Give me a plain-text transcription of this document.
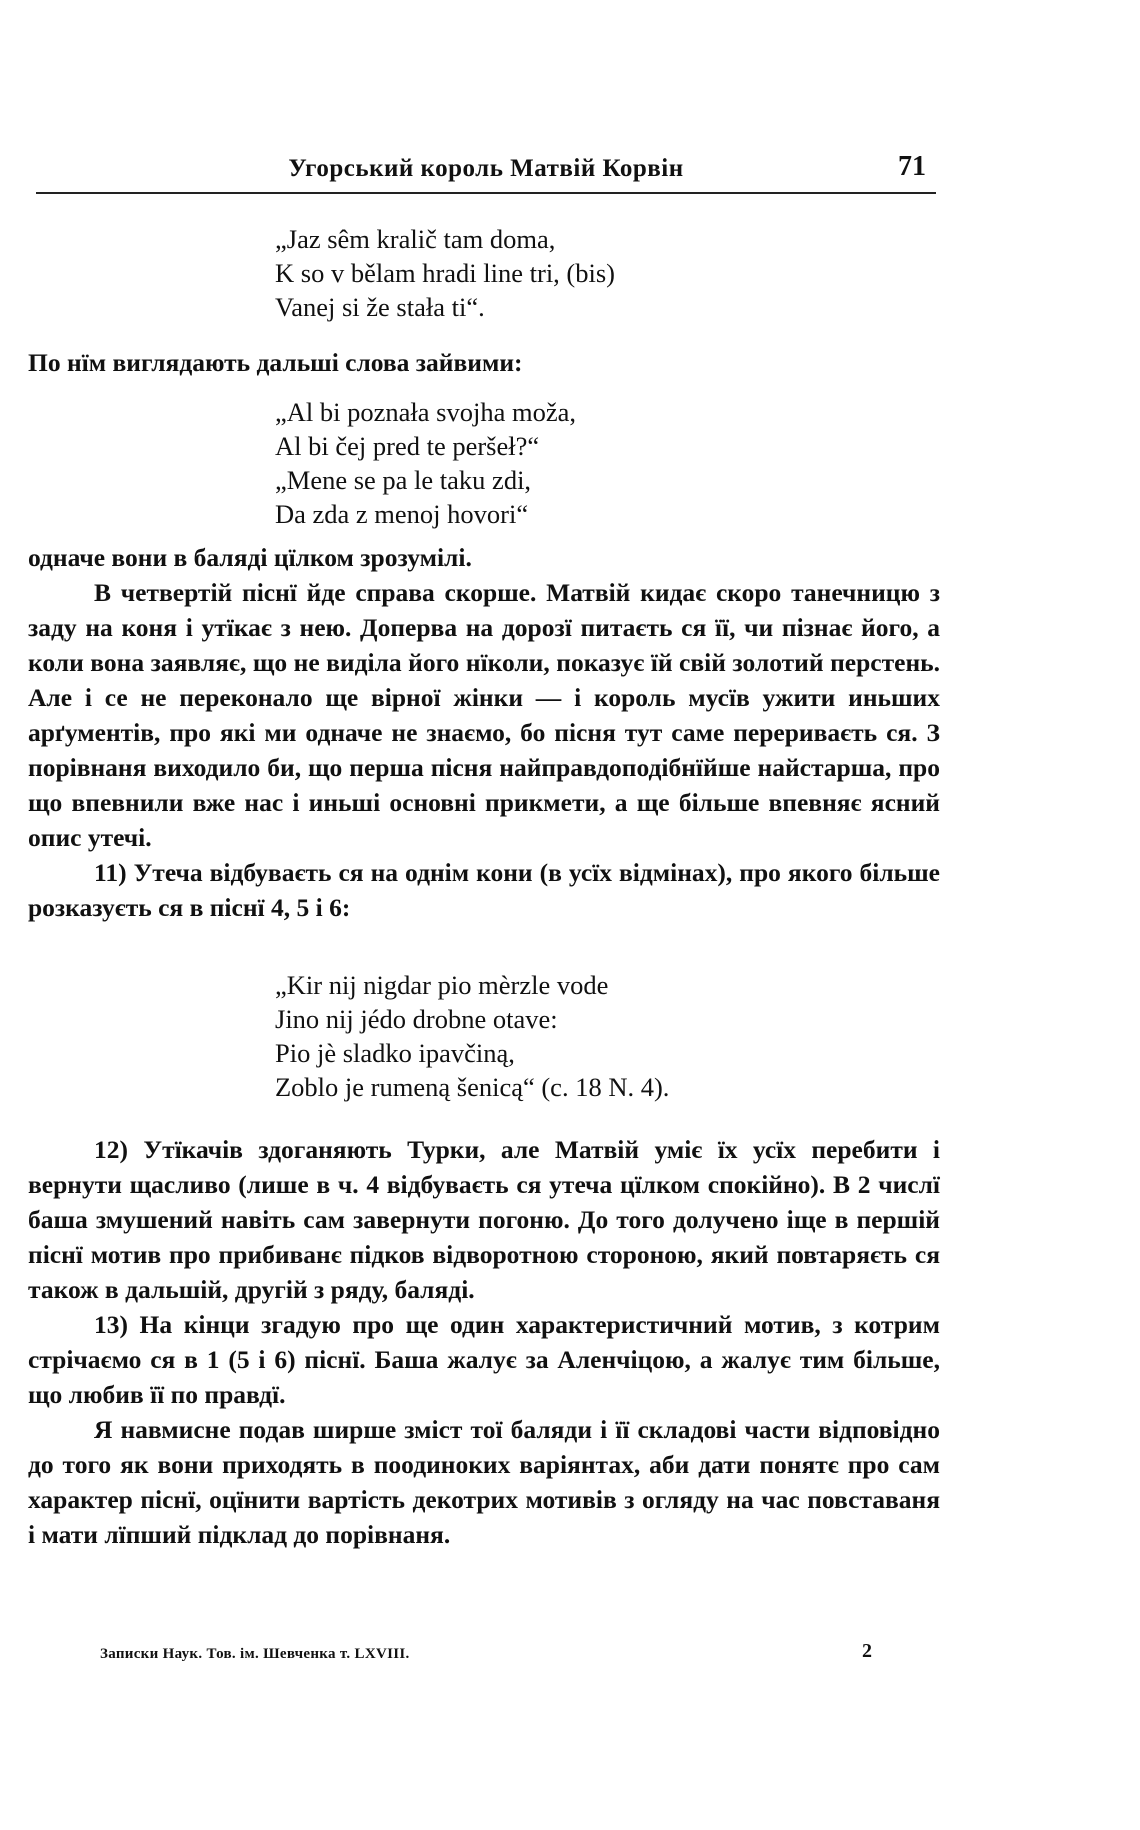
Угорський король Матвій Корвін	71
„Jaz sêm kralič tam doma,
K so v bělam hradi line tri, (bis)
Vanej si že stała ti“.

По нїм виглядають дальші слова зайвими:

„Al bi poznała svojha moža,
Al bi čej pred te peršeł?“
„Mene se pa le taku zdi,
Da zda z menoj hovori“

одначе вони в баляді цїлком зрозумілі.

В четвертій піснї йде справа скорше. Матвій кидає скоро танечницю з заду на коня і утїкає з нею. Доперва на дорозї питаєть ся її, чи пізнає його, а коли вона заявляє, що не виділа його нїколи, показує їй свій золотий перстень. Але і се не переконало ще вірної жінки — і король мусїв ужити иньших арґументів, про які ми одначе не знаємо, бо пісня тут саме перериваєть ся. З порівнаня виходило би, що перша пісня найправдоподібнїйше найстарша, про що впевнили вже нас і иньші основні прикмети, а ще більше впевняє ясний опис утечі.

11) Утеча відбуваєть ся на однім кони (в усїх відмінах), про якого більше розказуєть ся в піснї 4, 5 і 6:

„Kir nij nigdar pio mèrzle vode
Jino nij jédo drobne otave:
Pio jè sladko ipavčiną,
Zoblo je rumeną šenicą“ (c. 18 N. 4).

12) Утїкачів здоганяють Турки, але Матвій уміє їх усїх перебити і вернути щасливо (лише в ч. 4 відбуваєть ся утеча цїлком спокійно). В 2 числї баша змушений навіть сам завернути погоню. До того долучено іще в першій піснї мотив про прибиванє підков відворотною стороною, який повтаряєть ся також в дальшій, другій з ряду, баляді.

13) На кінци згадую про ще один характеристичний мотив, з котрим стрічаємо ся в 1 (5 і 6) піснї. Баша жалує за Аленчіцою, а жалує тим більше, що любив її по правдї.

Я навмисне подав ширше зміст тої баляди і її складові части відповідно до того як вони приходять в поодиноких варіянтах, аби дати понятє про сам характер піснї, оцїнити вартість декотрих мотивів з огляду на час повставаня і мати лїпший підклад до порівнаня.

Записки Наук. Тов. ім. Шевченка т. LXVIII.	2
